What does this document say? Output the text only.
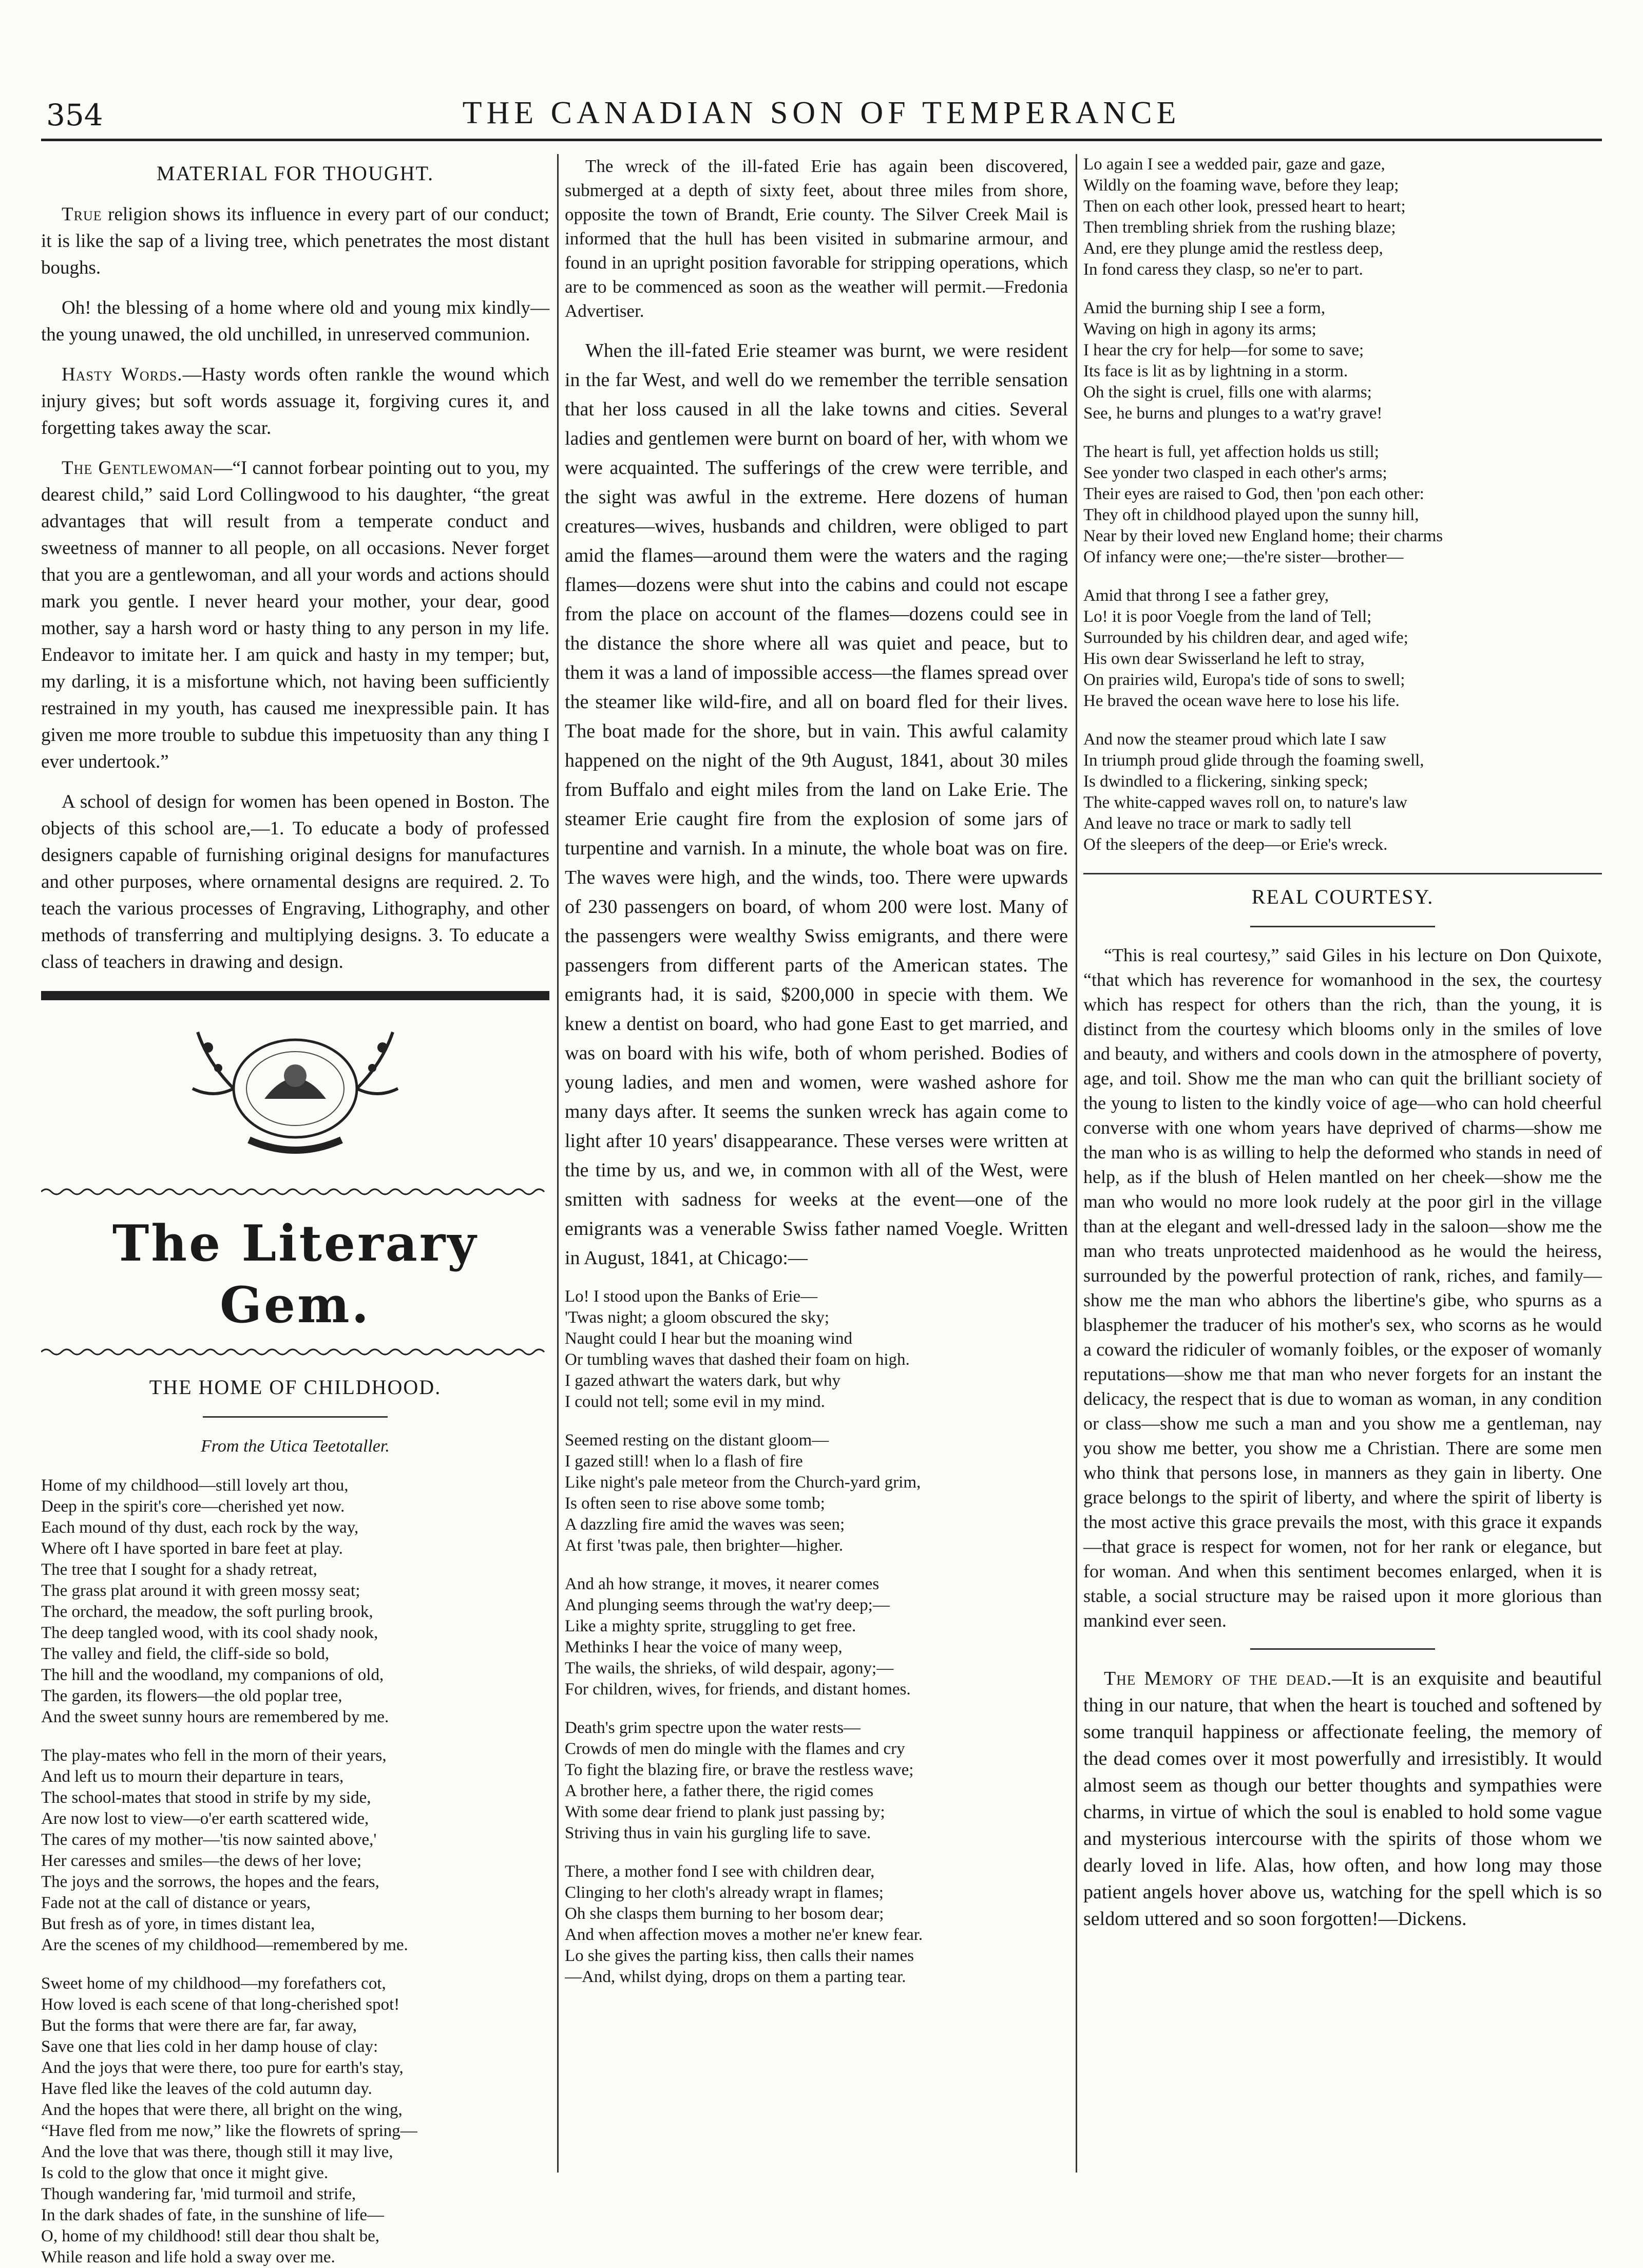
354	THE CANADIAN SON OF TEMPERANCE
MATERIAL FOR THOUGHT.

True religion shows its influence in every part of our conduct; it is like the sap of a living tree, which penetrates the most distant boughs.

Oh! the blessing of a home where old and young mix kindly—the young unawed, the old unchilled, in unreserved communion.

Hasty Words.—Hasty words often rankle the wound which injury gives; but soft words assuage it, forgiving cures it, and forgetting takes away the scar.

The Gentlewoman—“I cannot forbear pointing out to you, my dearest child,” said Lord Collingwood to his daughter, “the great advantages that will result from a temperate conduct and sweetness of manner to all people, on all occasions. Never forget that you are a gentlewoman, and all your words and actions should mark you gentle. I never heard your mother, your dear, good mother, say a harsh word or hasty thing to any person in my life. Endeavor to imitate her. I am quick and hasty in my temper; but, my darling, it is a misfortune which, not having been sufficiently restrained in my youth, has caused me inexpressible pain. It has given me more trouble to subdue this impetuosity than any thing I ever undertook.”

A school of design for women has been opened in Boston. The objects of this school are,—1. To educate a body of professed designers capable of furnishing original designs for manufactures and other purposes, where ornamental designs are required. 2. To teach the various processes of Engraving, Lithography, and other methods of transferring and multiplying designs. 3. To educate a class of teachers in drawing and design.

The Literary Gem.
THE HOME OF CHILDHOOD.
From the Utica Teetotaller.
Home of my childhood—still lovely art thou,
Deep in the spirit's core—cherished yet now.
Each mound of thy dust, each rock by the way,
Where oft I have sported in bare feet at play.
The tree that I sought for a shady retreat,
The grass plat around it with green mossy seat;
The orchard, the meadow, the soft purling brook,
The deep tangled wood, with its cool shady nook,
The valley and field, the cliff-side so bold,
The hill and the woodland, my companions of old,
The garden, its flowers—the old poplar tree,
And the sweet sunny hours are remembered by me.
The play-mates who fell in the morn of their years,
And left us to mourn their departure in tears,
The school-mates that stood in strife by my side,
Are now lost to view—o'er earth scattered wide,
The cares of my mother—'tis now sainted above,'
Her caresses and smiles—the dews of her love;
The joys and the sorrows, the hopes and the fears,
Fade not at the call of distance or years,
But fresh as of yore, in times distant lea,
Are the scenes of my childhood—remembered by me.
Sweet home of my childhood—my forefathers cot,
How loved is each scene of that long-cherished spot!
But the forms that were there are far, far away,
Save one that lies cold in her damp house of clay:
And the joys that were there, too pure for earth's stay,
Have fled like the leaves of the cold autumn day.
And the hopes that were there, all bright on the wing,
“Have fled from me now,” like the flowrets of spring—
And the love that was there, though still it may live,
Is cold to the glow that once it might give.
Though wandering far, 'mid turmoil and strife,
In the dark shades of fate, in the sunshine of life—
O, home of my childhood! still dear thou shalt be,
While reason and life hold a sway over me.

The wreck of the ill-fated Erie has again been discovered, submerged at a depth of sixty feet, about three miles from shore, opposite the town of Brandt, Erie county. The Silver Creek Mail is informed that the hull has been visited in submarine armour, and found in an upright position favorable for stripping operations, which are to be commenced as soon as the weather will permit.—Fredonia Advertiser.

When the ill-fated Erie steamer was burnt, we were resident in the far West, and well do we remember the terrible sensation that her loss caused in all the lake towns and cities. Several ladies and gentlemen were burnt on board of her, with whom we were acquainted. The sufferings of the crew were terrible, and the sight was awful in the extreme. Here dozens of human creatures—wives, husbands and children, were obliged to part amid the flames—around them were the waters and the raging flames—dozens were shut into the cabins and could not escape from the place on account of the flames—dozens could see in the distance the shore where all was quiet and peace, but to them it was a land of impossible access—the flames spread over the steamer like wild-fire, and all on board fled for their lives. The boat made for the shore, but in vain. This awful calamity happened on the night of the 9th August, 1841, about 30 miles from Buffalo and eight miles from the land on Lake Erie. The steamer Erie caught fire from the explosion of some jars of turpentine and varnish. In a minute, the whole boat was on fire. The waves were high, and the winds, too. There were upwards of 230 passengers on board, of whom 200 were lost. Many of the passengers were wealthy Swiss emigrants, and there were passengers from different parts of the American states. The emigrants had, it is said, $200,000 in specie with them. We knew a dentist on board, who had gone East to get married, and was on board with his wife, both of whom perished. Bodies of young ladies, and men and women, were washed ashore for many days after. It seems the sunken wreck has again come to light after 10 years' disappearance. These verses were written at the time by us, and we, in common with all of the West, were smitten with sadness for weeks at the event—one of the emigrants was a venerable Swiss father named Voegle. Written in August, 1841, at Chicago:—

Lo! I stood upon the Banks of Erie—
'Twas night; a gloom obscured the sky;
Naught could I hear but the moaning wind
Or tumbling waves that dashed their foam on high.
I gazed athwart the waters dark, but why
I could not tell; some evil in my mind.
Seemed resting on the distant gloom—
I gazed still! when lo a flash of fire
Like night's pale meteor from the Church-yard grim,
Is often seen to rise above some tomb;
A dazzling fire amid the waves was seen;
At first 'twas pale, then brighter—higher.
And ah how strange, it moves, it nearer comes
And plunging seems through the wat'ry deep;—
Like a mighty sprite, struggling to get free.
Methinks I hear the voice of many weep,
The wails, the shrieks, of wild despair, agony;—
For children, wives, for friends, and distant homes.
Death's grim spectre upon the water rests—
Crowds of men do mingle with the flames and cry
To fight the blazing fire, or brave the restless wave;
A brother here, a father there, the rigid comes
With some dear friend to plank just passing by;
Striving thus in vain his gurgling life to save.
There, a mother fond I see with children dear,
Clinging to her cloth's already wrapt in flames;
Oh she clasps them burning to her bosom dear;
And when affection moves a mother ne'er knew fear.
Lo she gives the parting kiss, then calls their names
—And, whilst dying, drops on them a parting tear.
Lo again I see a wedded pair, gaze and gaze,
Wildly on the foaming wave, before they leap;
Then on each other look, pressed heart to heart;
Then trembling shriek from the rushing blaze;
And, ere they plunge amid the restless deep,
In fond caress they clasp, so ne'er to part.
Amid the burning ship I see a form,
Waving on high in agony its arms;
I hear the cry for help—for some to save;
Its face is lit as by lightning in a storm.
Oh the sight is cruel, fills one with alarms;
See, he burns and plunges to a wat'ry grave!
The heart is full, yet affection holds us still;
See yonder two clasped in each other's arms;
Their eyes are raised to God, then 'pon each other:
They oft in childhood played upon the sunny hill,
Near by their loved new England home; their charms
Of infancy were one;—the're sister—brother—
Amid that throng I see a father grey,
Lo! it is poor Voegle from the land of Tell;
Surrounded by his children dear, and aged wife;
His own dear Swisserland he left to stray,
On prairies wild, Europa's tide of sons to swell;
He braved the ocean wave here to lose his life.
And now the steamer proud which late I saw
In triumph proud glide through the foaming swell,
Is dwindled to a flickering, sinking speck;
The white-capped waves roll on, to nature's law
And leave no trace or mark to sadly tell
Of the sleepers of the deep—or Erie's wreck.
REAL COURTESY.

“This is real courtesy,” said Giles in his lecture on Don Quixote, “that which has reverence for womanhood in the sex, the courtesy which has respect for others than the rich, than the young, it is distinct from the courtesy which blooms only in the smiles of love and beauty, and withers and cools down in the atmosphere of poverty, age, and toil. Show me the man who can quit the brilliant society of the young to listen to the kindly voice of age—who can hold cheerful converse with one whom years have deprived of charms—show me the man who is as willing to help the deformed who stands in need of help, as if the blush of Helen mantled on her cheek—show me the man who would no more look rudely at the poor girl in the village than at the elegant and well-dressed lady in the saloon—show me the man who treats unprotected maidenhood as he would the heiress, surrounded by the powerful protection of rank, riches, and family—show me the man who abhors the libertine's gibe, who spurns as a blasphemer the traducer of his mother's sex, who scorns as he would a coward the ridiculer of womanly foibles, or the exposer of womanly reputations—show me that man who never forgets for an instant the delicacy, the respect that is due to woman as woman, in any condition or class—show me such a man and you show me a gentleman, nay you show me better, you show me a Christian. There are some men who think that persons lose, in manners as they gain in liberty. One grace belongs to the spirit of liberty, and where the spirit of liberty is the most active this grace prevails the most, with this grace it expands—that grace is respect for women, not for her rank or elegance, but for woman. And when this sentiment becomes enlarged, when it is stable, a social structure may be raised upon it more glorious than mankind ever seen.

The Memory of the dead.—It is an exquisite and beautiful thing in our nature, that when the heart is touched and softened by some tranquil happiness or affectionate feeling, the memory of the dead comes over it most powerfully and irresistibly. It would almost seem as though our better thoughts and sympathies were charms, in virtue of which the soul is enabled to hold some vague and mysterious intercourse with the spirits of those whom we dearly loved in life. Alas, how often, and how long may those patient angels hover above us, watching for the spell which is so seldom uttered and so soon forgotten!—Dickens.
